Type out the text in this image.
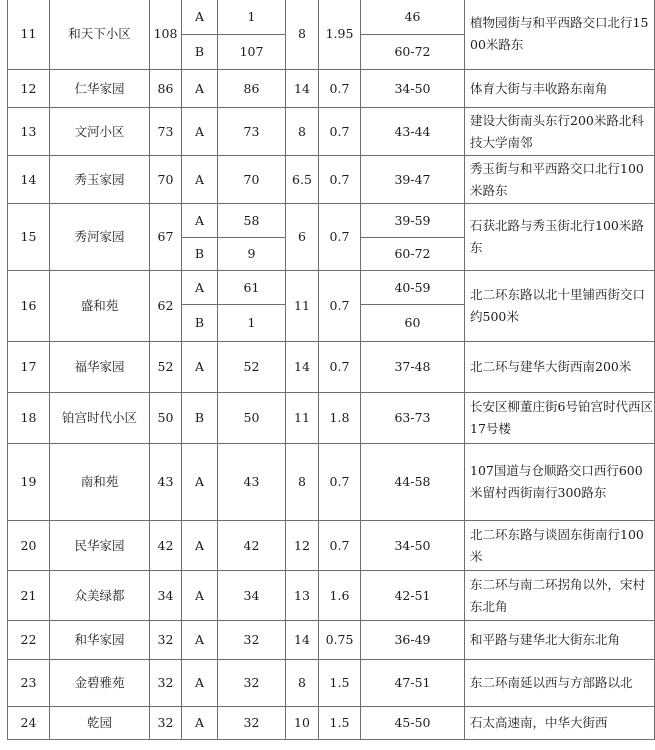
11	和天下小区	108	A	1	8	1.95	46	植物园街与和平西路交口北行1500米路东
			B	107			60-72	
12	仁华家园	86	A	86	14	0.7	34-50	体育大街与丰收路东南角
13	文河小区	73	A	73	8	0.7	43-44	建设大街南头东行200米路北科技大学南邻
14	秀玉家园	70	A	70	6.5	0.7	39-47	秀玉街与和平西路交口北行100米路东
15	秀河家园	67	A	58	6	0.7	39-59	石获北路与秀玉街北行100米路东
			B	9			60-72	
16	盛和苑	62	A	61	11	0.7	40-59	北二环东路以北十里铺西街交口约500米
			B	1			60	
17	福华家园	52	A	52	14	0.7	37-48	北二环与建华大街西南200米
18	铂宫时代小区	50	B	50	11	1.8	63-73	长安区柳董庄街6号铂宫时代西区17号楼
19	南和苑	43	A	43	8	0.7	44-58	107国道与仓顺路交口西行600米留村西街南行300路东
20	民华家园	42	A	42	12	0.7	34-50	北二环东路与谈固东街南行100米
21	众美绿都	34	A	34	13	1.6	42-51	东二环与南二环拐角以外，宋村东北角
22	和华家园	32	A	32	14	0.75	36-49	和平路与建华北大街东北角
23	金碧雅苑	32	A	32	8	1.5	47-51	东二环南延以西与方部路以北
24	乾园	32	A	32	10	1.5	45-50	石太高速南，中华大街西
